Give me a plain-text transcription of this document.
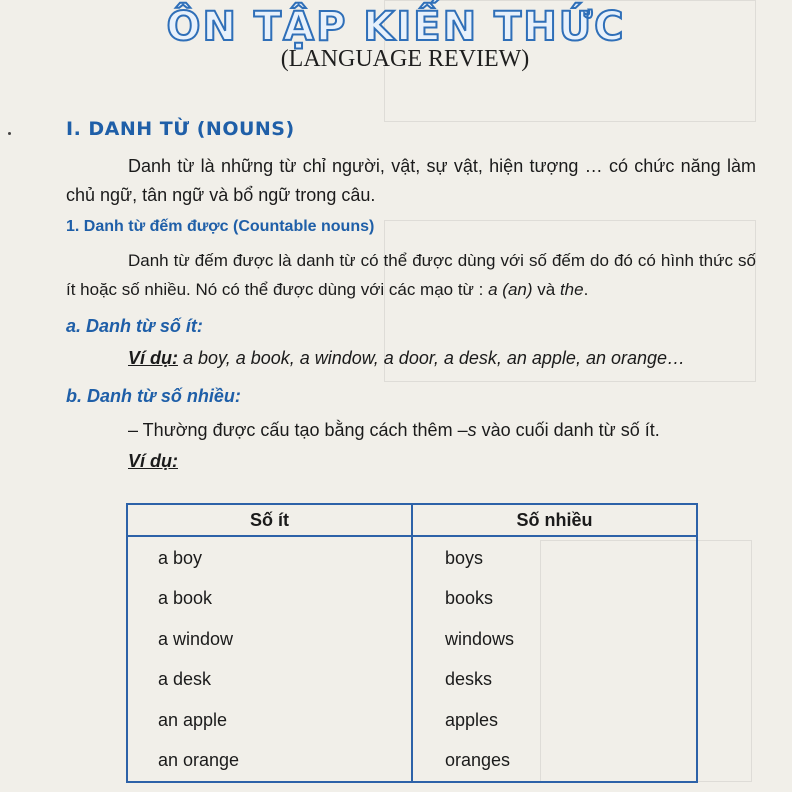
ÔN TẬP KIẾN THỨC
(LANGUAGE REVIEW)
I. DANH TỪ (NOUNS)
Danh từ là những từ chỉ người, vật, sự vật, hiện tượng … có chức năng làm chủ ngữ, tân ngữ và bổ ngữ trong câu.
1. Danh từ đếm được (Countable nouns)
Danh từ đếm được là danh từ có thể được dùng với số đếm do đó có hình thức số ít hoặc số nhiều. Nó có thể được dùng với các mạo từ : a (an) và the.
a. Danh từ số ít:
Ví dụ: a boy, a book, a window, a door, a desk, an apple, an orange…
b. Danh từ số nhiều:
– Thường được cấu tạo bằng cách thêm –s vào cuối danh từ số ít.
Ví dụ:
Số ít	Số nhiều
a boy
a book
a window
a desk
an apple
an orange
boys
books
windows
desks
apples
oranges
